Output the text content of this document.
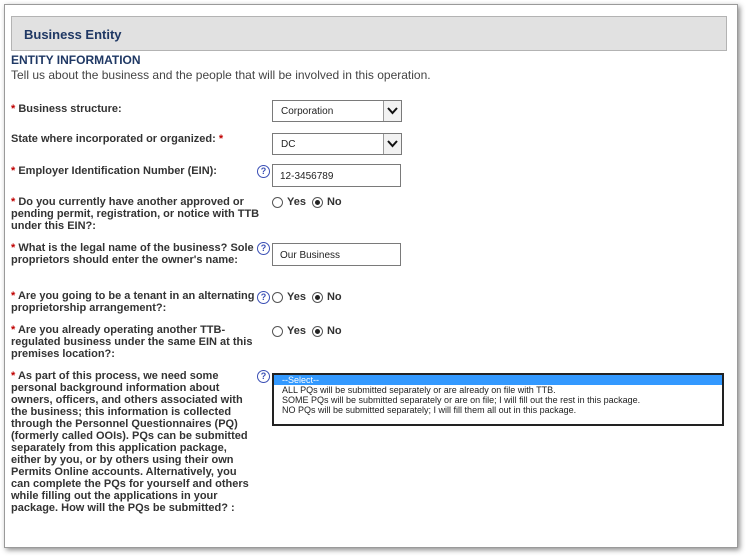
Business Entity
ENTITY INFORMATION
Tell us about the business and the people that will be involved in this operation.
* Business structure:	Corporation
State where incorporated or organized: *	DC
* Employer Identification Number (EIN):	?	12-3456789
* Do you currently have another approved or pending permit, registration, or notice with TTB under this EIN?:
Yes No
* What is the legal name of the business? Sole proprietors should enter the owner's name:
?
Our Business
* Are you going to be a tenant in an alternating proprietorship arrangement?:
?	Yes No
* Are you already operating another TTB-regulated business under the same EIN at this premises location?:
Yes No
* As part of this process, we need some personal background information about owners, officers, and others associated with the business; this information is collected through the Personnel Questionnaires (PQ) (formerly called OOIs). PQs can be submitted separately from this application package, either by you, or by others using their own Permits Online accounts. Alternatively, you can complete the PQs for yourself and others while filling out the applications in your package. How will the PQs be submitted? :
?	--Select--
ALL PQs will be submitted separately or are already on file with TTB.
SOME PQs will be submitted separately or are on file; I will fill out the rest in this package.
NO PQs will be submitted separately; I will fill them all out in this package.
